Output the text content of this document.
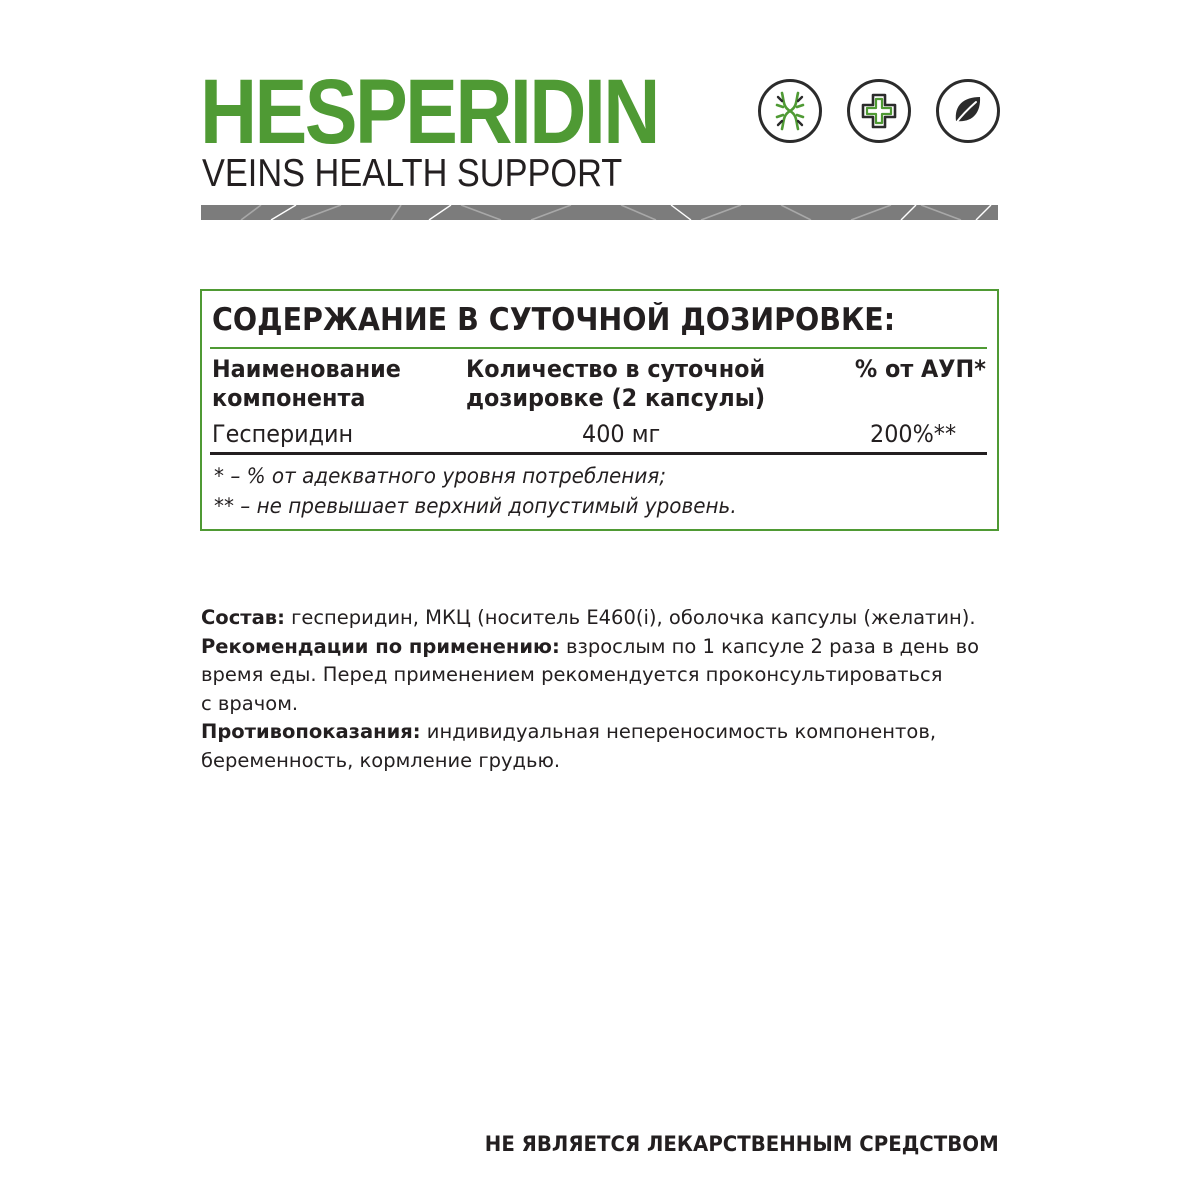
HESPERIDIN
VEINS HEALTH SUPPORT
СОДЕРЖАНИЕ В СУТОЧНОЙ ДОЗИРОВКЕ:
Наименование
компонента
Количество в суточной
дозировке (2 капсулы)
% от АУП*
Гесперидин	400 мг	200%**
* – % от адекватного уровня потребления;
** – не превышает верхний допустимый уровень.

Состав: гесперидин, МКЦ (носитель E460(i), оболочка капсулы (желатин).

Рекомендации по применению: взрослым по 1 капсуле 2 раза в день во

время еды. Перед применением рекомендуется проконсультироваться

с врачом.

Противопоказания: индивидуальная непереносимость компонентов,

беременность, кормление грудью.

НЕ ЯВЛЯЕТСЯ ЛЕКАРСТВЕННЫМ СРЕДСТВОМ
